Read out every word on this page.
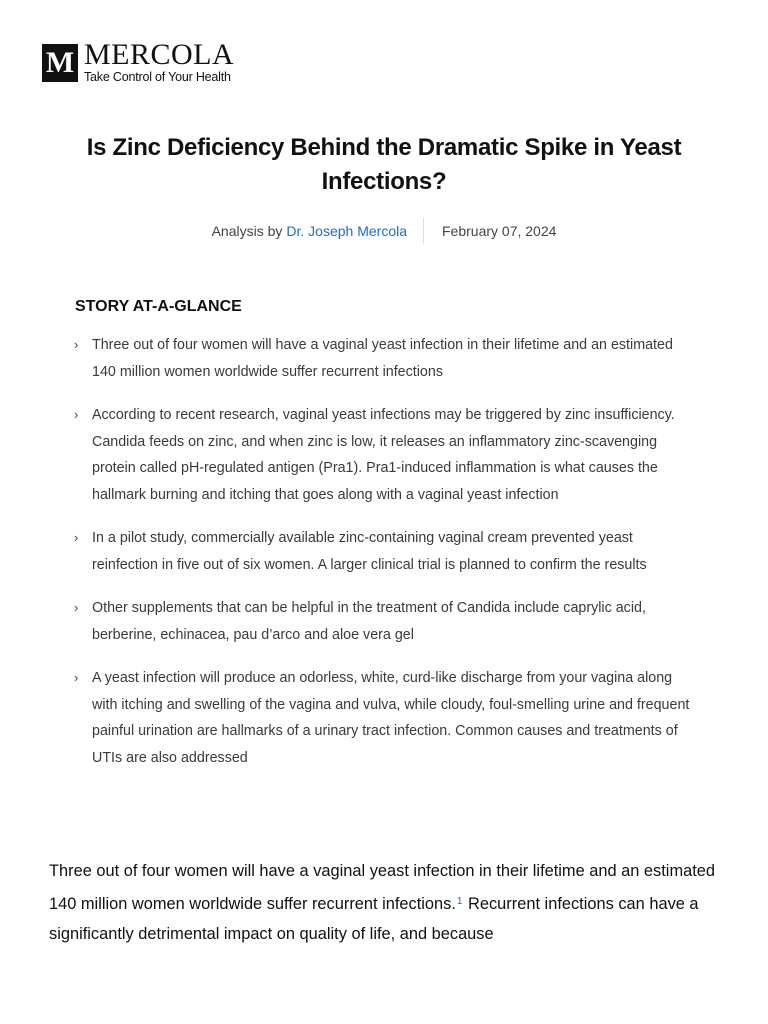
M MERCOLA
Take Control of Your Health
Is Zinc Deficiency Behind the Dramatic Spike in Yeast Infections?
Analysis by Dr. Joseph Mercola	February 07, 2024
STORY AT-A-GLANCE
› Three out of four women will have a vaginal yeast infection in their lifetime and an estimated 140 million women worldwide suffer recurrent infections
› According to recent research, vaginal yeast infections may be triggered by zinc insufficiency. Candida feeds on zinc, and when zinc is low, it releases an inflammatory zinc-scavenging protein called pH-regulated antigen (Pra1). Pra1-induced inflammation is what causes the hallmark burning and itching that goes along with a vaginal yeast infection
› In a pilot study, commercially available zinc-containing vaginal cream prevented yeast reinfection in five out of six women. A larger clinical trial is planned to confirm the results
› Other supplements that can be helpful in the treatment of Candida include caprylic acid, berberine, echinacea, pau d’arco and aloe vera gel
› A yeast infection will produce an odorless, white, curd-like discharge from your vagina along with itching and swelling of the vagina and vulva, while cloudy, foul-smelling urine and frequent painful urination are hallmarks of a urinary tract infection. Common causes and treatments of UTIs are also addressed

Three out of four women will have a vaginal yeast infection in their lifetime and an estimated 140 million women worldwide suffer recurrent infections.$^1$ Recurrent infections can have a significantly detrimental impact on quality of life, and because
